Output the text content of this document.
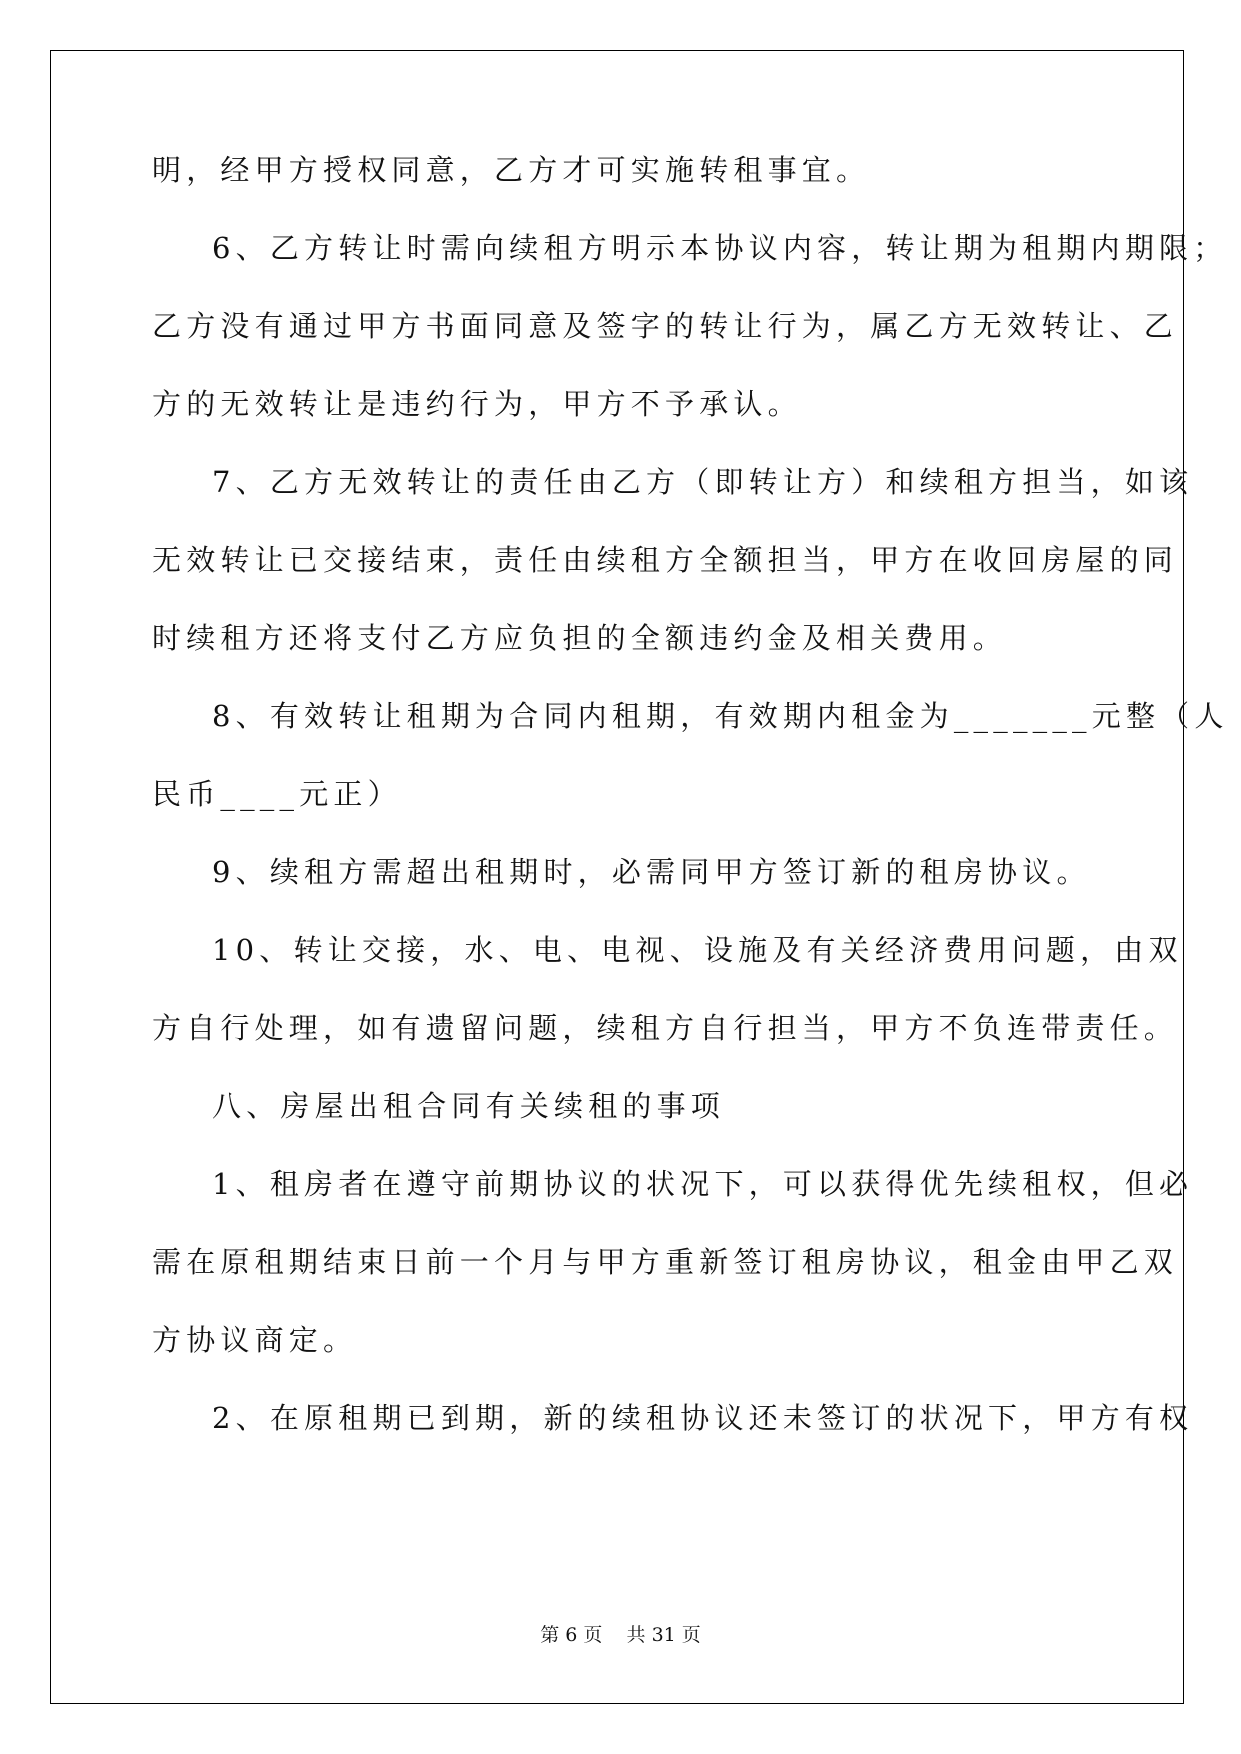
明，经甲方授权同意，乙方才可实施转租事宜。
6、乙方转让时需向续租方明示本协议内容，转让期为租期内期限；
乙方没有通过甲方书面同意及签字的转让行为，属乙方无效转让、乙
方的无效转让是违约行为，甲方不予承认。
7、乙方无效转让的责任由乙方（即转让方）和续租方担当，如该
无效转让已交接结束，责任由续租方全额担当，甲方在收回房屋的同
时续租方还将支付乙方应负担的全额违约金及相关费用。
8、有效转让租期为合同内租期，有效期内租金为_______元整（人
民币____元正）
9、续租方需超出租期时，必需同甲方签订新的租房协议。
10、转让交接，水、电、电视、设施及有关经济费用问题，由双
方自行处理，如有遗留问题，续租方自行担当，甲方不负连带责任。
八、房屋出租合同有关续租的事项
1、租房者在遵守前期协议的状况下，可以获得优先续租权，但必
需在原租期结束日前一个月与甲方重新签订租房协议，租金由甲乙双
方协议商定。
2、在原租期已到期，新的续租协议还未签订的状况下，甲方有权
第 6 页    共 31 页
